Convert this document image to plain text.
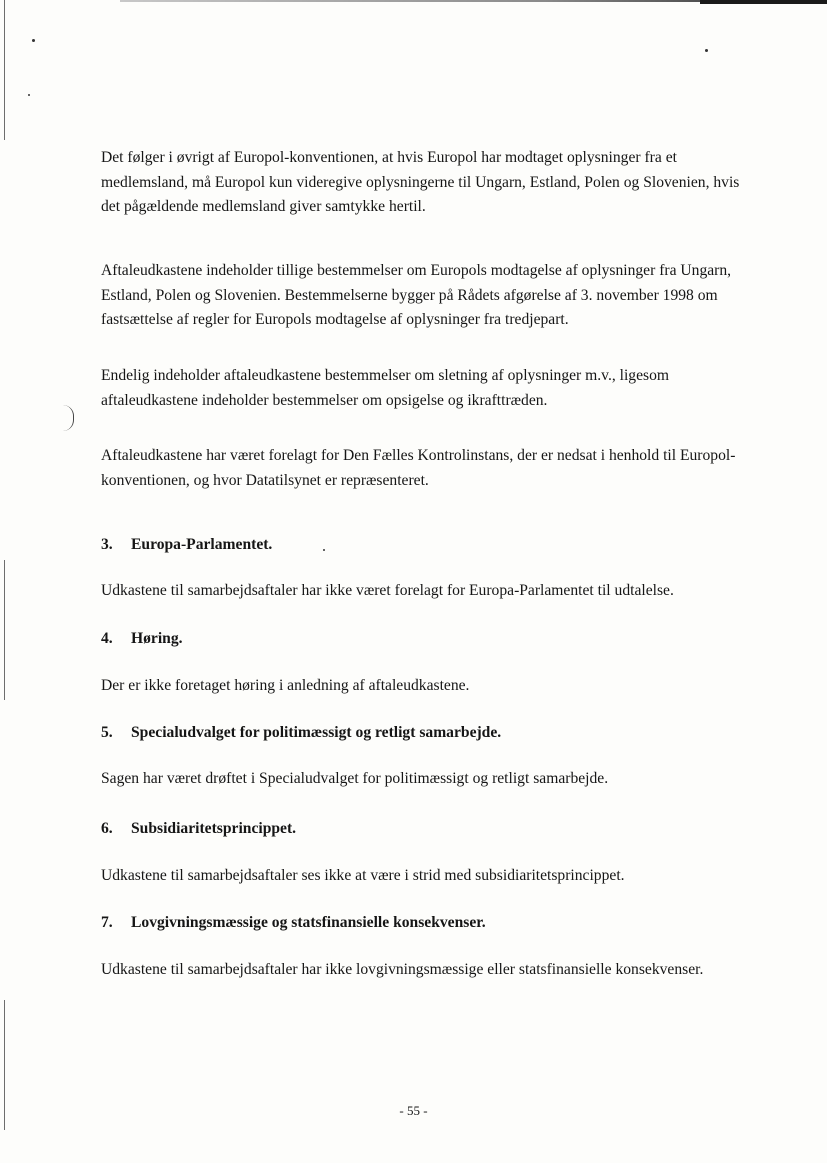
Det følger i øvrigt af Europol-konventionen, at hvis Europol har modtaget oplysninger fra et medlemsland, må Europol kun videregive oplysningerne til Ungarn, Estland, Polen og Slovenien, hvis det pågældende medlemsland giver samtykke hertil.

Aftaleudkastene indeholder tillige bestemmelser om Europols modtagelse af oplysninger fra Ungarn, Estland, Polen og Slovenien. Bestemmelserne bygger på Rådets afgørelse af 3. november 1998 om fastsættelse af regler for Europols modtagelse af oplysninger fra tredjepart.

Endelig indeholder aftaleudkastene bestemmelser om sletning af oplysninger m.v., ligesom aftaleudkastene indeholder bestemmelser om opsigelse og ikrafttræden.

Aftaleudkastene har været forelagt for Den Fælles Kontrolinstans, der er nedsat i henhold til Europol-konventionen, og hvor Datatilsynet er repræsenteret.

3. Europa-Parlamentet.

Udkastene til samarbejdsaftaler har ikke været forelagt for Europa-Parlamentet til udtalelse.

4. Høring.

Der er ikke foretaget høring i anledning af aftaleudkastene.

5. Specialudvalget for politimæssigt og retligt samarbejde.

Sagen har været drøftet i Specialudvalget for politimæssigt og retligt samarbejde.

6. Subsidiaritetsprincippet.

Udkastene til samarbejdsaftaler ses ikke at være i strid med subsidiaritetsprincippet.

7. Lovgivningsmæssige og statsfinansielle konsekvenser.

Udkastene til samarbejdsaftaler har ikke lovgivningsmæssige eller statsfinansielle konsekvenser.

- 55 -
